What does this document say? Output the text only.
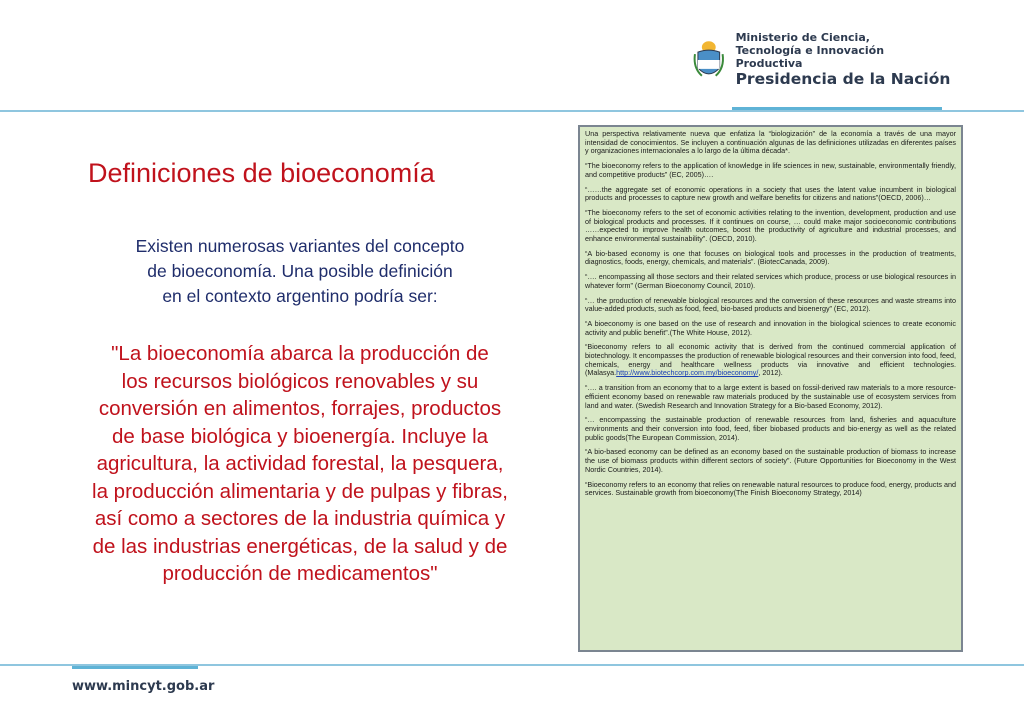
Ministerio de Ciencia,
Tecnología e Innovación Productiva
Presidencia de la Nación
Definiciones de bioeconomía
Existen numerosas variantes del concepto
de bioeconomía. Una posible definición
en el contexto argentino podría ser:
"La bioeconomía abarca la producción de
los recursos biológicos renovables y su
conversión en alimentos, forrajes, productos
de base biológica y bioenergía. Incluye la
agricultura, la actividad forestal, la pesquera,
la producción alimentaria y de pulpas y fibras,
así como a sectores de la industria química y
de las industrias energéticas, de la salud y de
producción de medicamentos"

Una perspectiva relativamente nueva que enfatiza la “biologización” de la economía a través de una mayor intensidad de conocimientos. Se incluyen a continuación algunas de las definiciones utilizadas en diferentes países y organizaciones internacionales a lo largo de la última década*.

“The bioeconomy refers to the application of knowledge in life sciences in new, sustainable, environmentally friendly, and competitive products” (EC, 2005)….

“……the aggregate set of economic operations in a society that uses the latent value incumbent in biological products and processes to capture new growth and welfare benefits for citizens and nations”(OECD, 2006)…

“The bioeconomy refers to the set of economic activities relating to the invention, development, production and use of biological products and processes. If it continues on course, … could make major socioeconomic contributions ……expected to improve health outcomes, boost the productivity of agriculture and industrial processes, and enhance environmental sustainability”. (OECD, 2010).

“A bio-based economy is one that focuses on biological tools and processes in the production of treatments, diagnostics, foods, energy, chemicals, and materials”. (BiotecCanada, 2009).

“…. encompassing all those sectors and their related services which produce, process or use biological resources in whatever form” (German Bioeconomy Council, 2010).

“… the production of renewable biological resources and the conversion of these resources and waste streams into value-added products, such as food, feed, bio-based products and bioenergy” (EC, 2012).

“A bioeconomy is one based on the use of research and innovation in the biological sciences to create economic activity and public benefit”.(The White House, 2012).

“Bioeconomy refers to all economic activity that is derived from the continued commercial application of biotechnology. It encompasses the production of renewable biological resources and their conversion into food, feed, chemicals, energy and healthcare wellness products via innovative and efficient technologies.(Malasya.http://www.biotechcorp.com.my/bioeconomy/, 2012).

“…. a transition from an economy that to a large extent is based on fossil-derived raw materials to a more resource-efficient economy based on renewable raw materials produced by the sustainable use of ecosystem services from land and water. (Swedish Research and Innovation Strategy for a Bio-based Economy, 2012).

“… encompassing the sustainable production of renewable resources from land, fisheries and aquaculture environments and their conversion into food, feed, fiber biobased products and bio-energy as well as the related public goods(The European Commission, 2014).

“A bio-based economy can be defined as an economy based on the sustainable production of biomass to increase the use of biomass products within different sectors of society”. (Future Opportunities for Bioeconomy in the West Nordic Countries, 2014).

“Bioeconomy refers to an economy that relies on renewable natural resources to produce food, energy, products and services. Sustainable growth from bioeconomy(The Finish Bioeconomy Strategy, 2014)

www.mincyt.gob.ar
